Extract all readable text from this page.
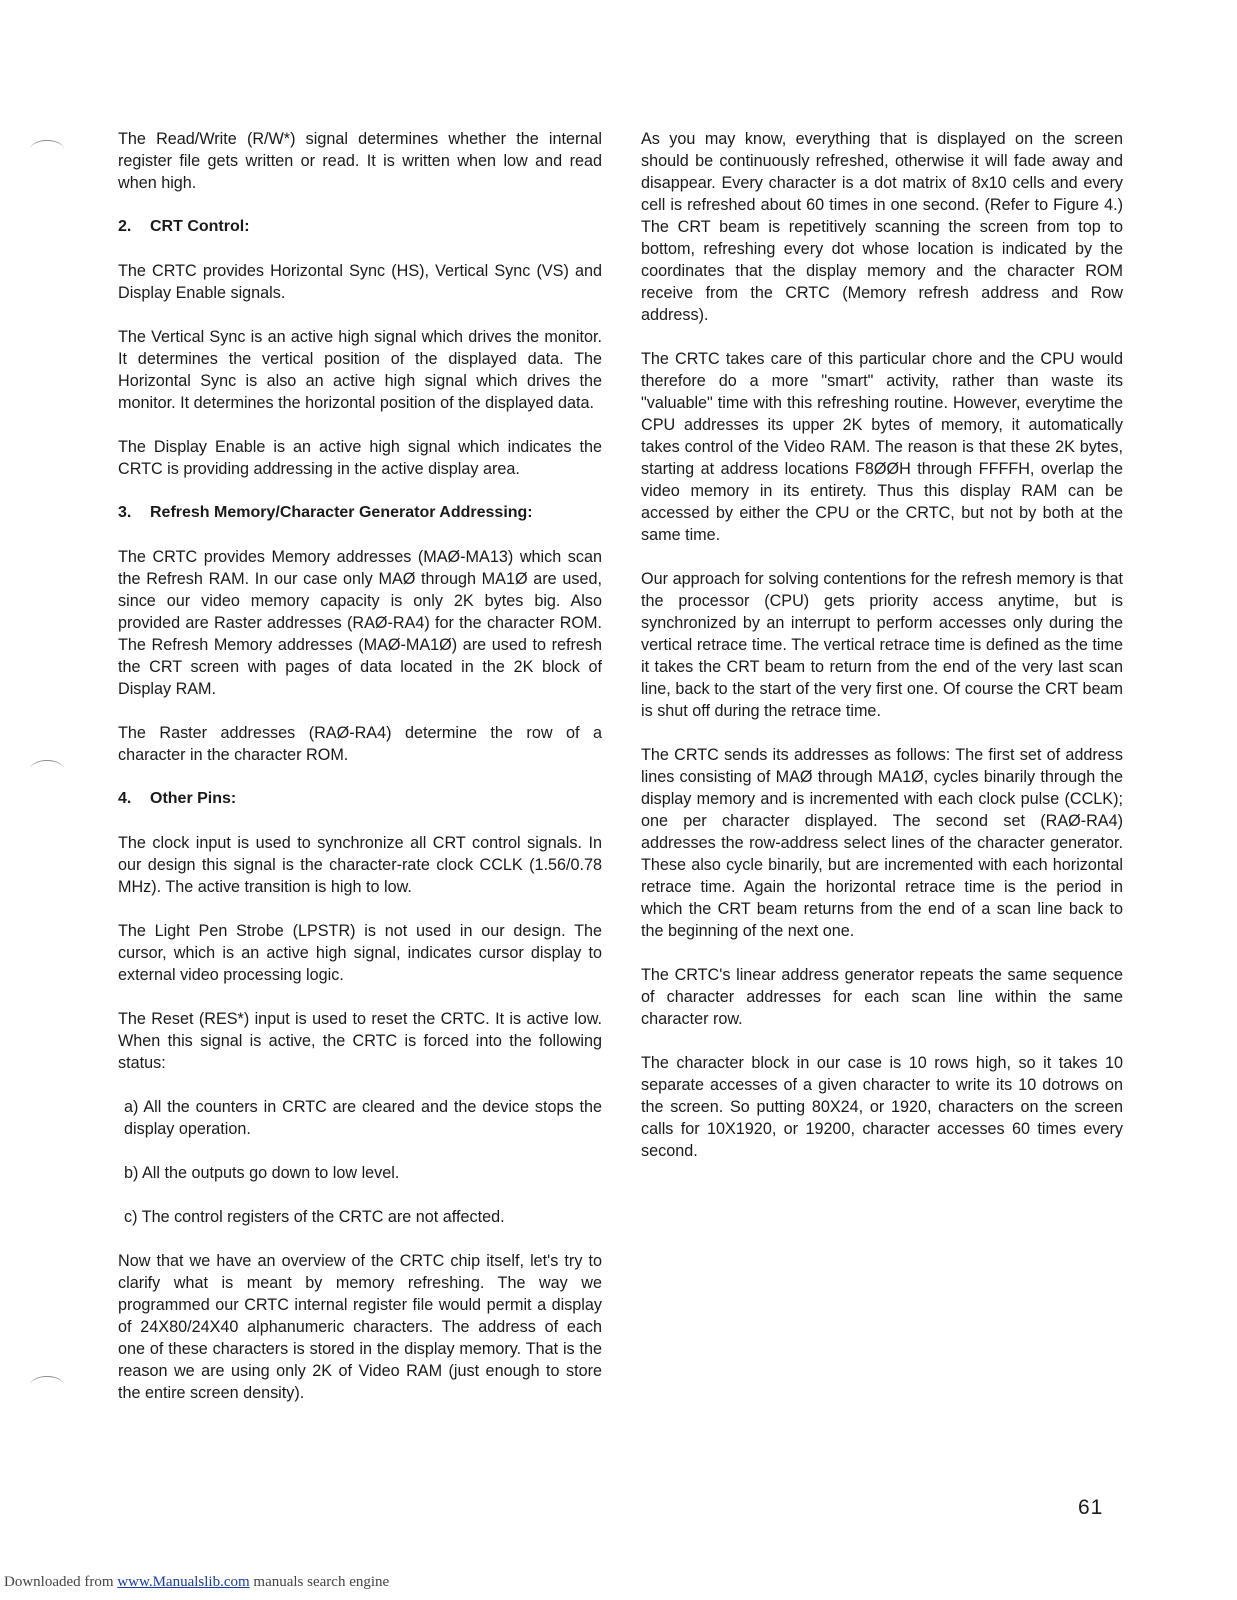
The Read/Write (R/W*) signal determines whether the internal register file gets written or read. It is written when low and read when high.

2. CRT Control:

The CRTC provides Horizontal Sync (HS), Vertical Sync (VS) and Display Enable signals.

The Vertical Sync is an active high signal which drives the monitor. It determines the vertical position of the displayed data. The Horizontal Sync is also an active high signal which drives the monitor. It determines the horizontal position of the displayed data.

The Display Enable is an active high signal which indicates the CRTC is providing addressing in the active display area.

3. Refresh Memory/Character Generator Addressing:

The CRTC provides Memory addresses (MAØ-MA13) which scan the Refresh RAM. In our case only MAØ through MA1Ø are used, since our video memory capacity is only 2K bytes big. Also provided are Raster addresses (RAØ-RA4) for the character ROM. The Refresh Memory addresses (MAØ-MA1Ø) are used to refresh the CRT screen with pages of data located in the 2K block of Display RAM.

The Raster addresses (RAØ-RA4) determine the row of a character in the character ROM.

4. Other Pins:

The clock input is used to synchronize all CRT control signals. In our design this signal is the character-rate clock CCLK (1.56/0.78 MHz). The active transition is high to low.

The Light Pen Strobe (LPSTR) is not used in our design. The cursor, which is an active high signal, indicates cursor display to external video processing logic.

The Reset (RES*) input is used to reset the CRTC. It is active low. When this signal is active, the CRTC is forced into the following status:

a) All the counters in CRTC are cleared and the device stops the display operation.

b) All the outputs go down to low level.

c) The control registers of the CRTC are not affected.

Now that we have an overview of the CRTC chip itself, let's try to clarify what is meant by memory refreshing. The way we programmed our CRTC internal register file would permit a display of 24X80/24X40 alphanumeric characters. The address of each one of these characters is stored in the display memory. That is the reason we are using only 2K of Video RAM (just enough to store the entire screen density).

As you may know, everything that is displayed on the screen should be continuously refreshed, otherwise it will fade away and disappear. Every character is a dot matrix of 8x10 cells and every cell is refreshed about 60 times in one second. (Refer to Figure 4.) The CRT beam is repetitively scanning the screen from top to bottom, refreshing every dot whose location is indicated by the coordinates that the display memory and the character ROM receive from the CRTC (Memory refresh address and Row address).

The CRTC takes care of this particular chore and the CPU would therefore do a more "smart" activity, rather than waste its "valuable" time with this refreshing routine. However, everytime the CPU addresses its upper 2K bytes of memory, it automatically takes control of the Video RAM. The reason is that these 2K bytes, starting at address locations F8ØØH through FFFFH, overlap the video memory in its entirety. Thus this display RAM can be accessed by either the CPU or the CRTC, but not by both at the same time.

Our approach for solving contentions for the refresh memory is that the processor (CPU) gets priority access anytime, but is synchronized by an interrupt to perform accesses only during the vertical retrace time. The vertical retrace time is defined as the time it takes the CRT beam to return from the end of the very last scan line, back to the start of the very first one. Of course the CRT beam is shut off during the retrace time.

The CRTC sends its addresses as follows: The first set of address lines consisting of MAØ through MA1Ø, cycles binarily through the display memory and is incremented with each clock pulse (CCLK); one per character displayed. The second set (RAØ-RA4) addresses the row-address select lines of the character generator. These also cycle binarily, but are incremented with each horizontal retrace time. Again the horizontal retrace time is the period in which the CRT beam returns from the end of a scan line back to the beginning of the next one.

The CRTC's linear address generator repeats the same sequence of character addresses for each scan line within the same character row.

The character block in our case is 10 rows high, so it takes 10 separate accesses of a given character to write its 10 dotrows on the screen. So putting 80X24, or 1920, characters on the screen calls for 10X1920, or 19200, character accesses 60 times every second.

61
Downloaded from www.Manualslib.com manuals search engine
